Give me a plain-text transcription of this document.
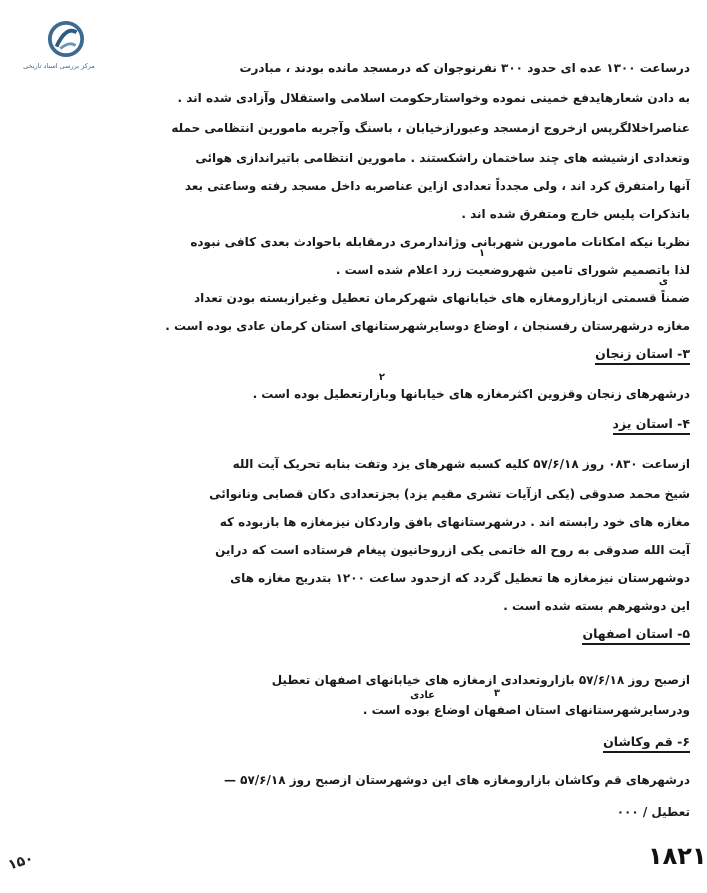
مرکز بررسی اسناد تاریخی	درساعت ۱۳۰۰ عده ای حدود ۳۰۰ نفرنوجوان که درمسجد مانده بودند ، مبادرت
به دادن شعارهایدفع خمینی نموده وخواستارحکومت اسلامی واستقلال وآزادی شده اند .
عناصراخلالگرپس ازخروج ازمسجد وعبورازخیابان ، باسنگ وآجربه مامورین انتظامی حمله
وتعدادی ازشیشه های چند ساختمان راشکستند . مامورین انتظامی باتیراندازی هوائی
آنها رامتفرق کرد اند ، ولی مجدداً تعدادی ازاین عناصربه داخل مسجد رفته وساعتی بعد
باتذکرات پلیس خارج ومتفرق شده اند .
نظربا نیکه امکانات مامورین شهربانی وژاندارمری درمقابله باحوادث بعدی کافی نبوده
لذا باتصمیم شورای تامین شهروضعیت زرد اعلام شده است .
ضمناً قسمتی ازبازارومغازه های خیابانهای شهرکرمان تعطیل وغیرازبسته بودن تعداد
مغازه درشهرستان رفسنجان ، اوضاع دوسایرشهرستانهای استان کرمان عادی بوده است .
۳- استان زنجان
درشهرهای زنجان وقزوین اکثرمغازه های خیابانها وبازارتعطیل بوده است .
۴- استان یزد
ازساعت ۰۸۳۰ روز ۵۷/۶/۱۸ کلیه کسبه شهرهای یزد وتفت بنابه تحریک آیت الله
شیخ محمد صدوقی (یکی ازآیات تشری مقیم یزد) بجزتعدادی دکان قصابی ونانوائی
مغازه های خود رابسته اند . درشهرستانهای بافق واردکان نیزمغازه ها بازبوده که
آیت الله صدوقی به روح اله خاتمی یکی ازروحانیون پیغام فرستاده است که دراین
دوشهرستان نیزمغازه ها تعطیل گردد که ازحدود ساعت ۱۲۰۰ بتدریج مغازه های
این دوشهرهم بسته شده است .
۵- استان اصفهان
ازصبح روز ۵۷/۶/۱۸ بازاروتعدادی ازمغازه های خیابانهای اصفهان تعطیل
ودرسایرشهرستانهای استان اصفهان اوضاع بوده است .
۶- قم وکاشان
درشهرهای قم وکاشان بازارومغازه های این دوشهرستان ازصبح روز ۵۷/۶/۱۸ —
تعطیل / ۰۰۰
۱
ی
۲
عادی	۳
۱۵۰	۱۸۲۱
